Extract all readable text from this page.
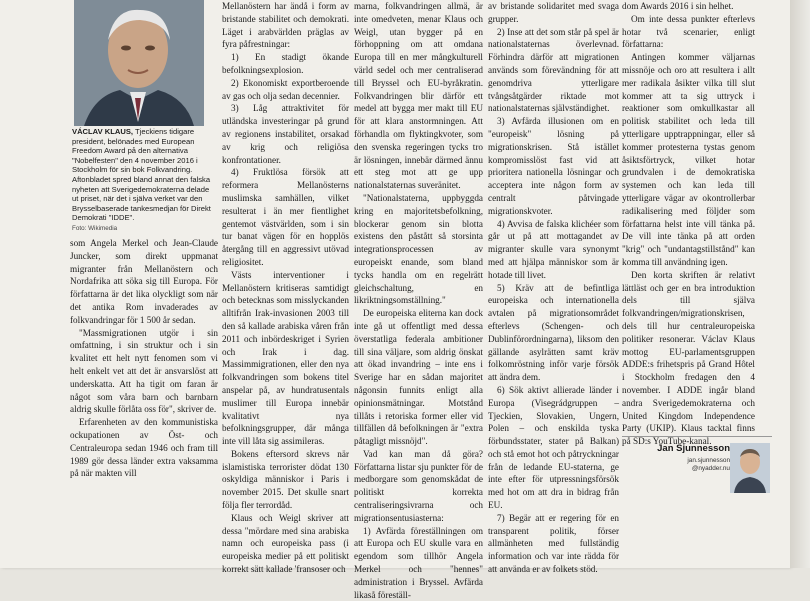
VÁCLAV KLAUS, Tjeckiens tidigare president, belönades med European Freedom Award på den alternativa "Nobelfesten" den 4 november 2016 i Stockholm för sin bok Folkvandring. Aftonbladet spred bland annat den falska nyheten att Sverigedemokraterna delade ut priset, när det i själva verket var den Brysselbaserade tankesmedjan för Direkt Demokrati "IDDE".
Foto: Wikimedia

som Angela Merkel och Jean-Claude Juncker, som direkt uppmanat migranter från Mellanöstern och Nordafrika att söka sig till Europa. För författarna är det lika olyckligt som när det antika Rom invaderades av folkvandringar för 1 500 år sedan.

"Massmigrationen utgör i sin omfattning, i sin struktur och i sin kvalitet ett helt nytt fenomen som vi helt enkelt vet att det är ansvarslöst att underskatta. Att ha tigit om faran är något som våra barn och barnbarn aldrig skulle förlåta oss för", skriver de.

Erfarenheten av den kommunistiska ockupationen av Öst- och Centraleuropa sedan 1946 och fram till 1989 gör dessa länder extra vaksamma på när makten vill

Mellanöstern har ändå i form av bristande stabilitet och demokrati. Läget i arabvärlden präglas av fyra påfrestningar:

1) En stadigt ökande befolkningsexplosion.

2) Ekonomiskt exportberoende av gas och olja sedan decennier.

3) Låg attraktivitet för utländska investeringar på grund av regionens instabilitet, orsakad av krig och religiösa konfrontationer.

4) Fruktlösa försök att reformera Mellanösterns muslimska samhällen, vilket resulterat i än mer fientlighet gentemot västvärlden, som i sin tur banat vägen för en hopplös återgång till en aggressivt utövad religiositet.

Västs interventioner i Mellanöstern kritiseras samtidigt och betecknas som misslyckanden alltifrån Irak-invasionen 2003 till den så kallade arabiska våren från 2011 och inbördeskriget i Syrien och Irak i dag. Massimmigrationen, eller den nya folkvandringen som bokens titel anspelar på, av hundratusentals muslimer till Europa innebär kvalitativt nya befolkningsgrupper, där många inte vill låta sig assimileras.

Bokens eftersord skrevs när islamistiska terrorister dödat 130 oskyldiga människor i Paris i november 2015. Det skulle snart följa fler terrordåd.

Klaus och Weigl skriver att dessa "mördare med sina arabiska namn och europeiska pass (i europeiska medier på ett politiskt korrekt sätt kallade 'fransoser och

marna, folkvandringen allmä, är inte omedveten, menar Klaus och Weigl, utan bygger på en förhoppning om att omdana Europa till en mer mångkulturell värld sedel och mer centraliserad till Bryssel och EU-byråkratin. Folkvandringen blir därför ett medel att bygga mer makt till EU för att klara anstormningen. Att förhandla om flyktingkvoter, som den svenska regeringen tycks tro är lösningen, innebär därmed ännu ett steg mot att ge upp nationalstaternas suveränitet.

"Nationalstaterna, uppbyggda kring en majoritetsbefolkning, blockerar genom sin blotta existens den påstått så storsinta integrationsprocessen av europeiskt enande, som bland tycks handla om en regelrätt gleichschaltung, en likriktningsomställning."

De europeiska eliterna kan dock inte gå ut offentligt med dessa överstatliga federala ambitioner till sina väljare, som aldrig önskat att ökad invandring – inte ens i Sverige har en sådan majoritet någonsin funnits enligt alla opinionsmätningar. Motstånd tillåts i retoriska former eller vid tillfällen då befolkningen är "extra påtagligt missnöjd".

Vad kan man då göra? Författarna listar sju punkter för de medborgare som genomskådat de politiskt korrekta centraliseringsivrarna och migrationsentusiasterna:

1) Avfärda föreställningen om att Europa och EU skulle vara en egendom som tillhör Angela Merkel och "hennes" administration i Bryssel. Avfärda likaså föreställ-

av bristande solidaritet med svaga grupper.

2) Inse att det som står på spel är nationalstaternas överlevnad. Förhindra därför att migrationen används som förevändning för att genomdriva ytterligare tvångsåtgärder riktade mot nationalstaternas självständighet.

3) Avfärda illusionen om en "europeisk" lösning på migrationskrisen. Stå istället kompromisslöst fast vid att prioritera nationella lösningar och acceptera inte någon form av centralt påtvingade migrationskvoter.

4) Avvisa de falska klichéer som går ut på att mottagandet av migranter skulle vara synonymt med att hjälpa människor som är hotade till livet.

5) Kräv att de befintliga europeiska och internationella avtalen på migrationsområdet efterlevs (Schengen- och Dublinförordningarna), liksom den gällande asylrätten samt kräv folkomröstning inför varje försök att ändra dem.

6) Sök aktivt allierade länder i Europa (Visegrádgruppen – Tjeckien, Slovakien, Ungern, Polen – och enskilda tyska förbundsstater, stater på Balkan) och stå emot hot och påtryckningar från de ledande EU-staterna, ge inte efter för utpressningsförsök med hot om att dra in bidrag från EU.

7) Begär att er regering för en transparent politik, förser allmänheten med fullständig information och var inte rädda för att använda er av folkets stöd.

dom Awards 2016 i sin helhet.

Om inte dessa punkter efterlevs hotar två scenarier, enligt författarna:

Antingen kommer väljarnas missnöje och oro att resultera i allt mer radikala åsikter vilka till slut kommer att ta sig uttryck i reaktioner som omkullkastar all politisk stabilitet och leda till ytterligare upptrappningar, eller så kommer protesterna tystas genom åsiktsförtryck, vilket hotar grundvalen i de demokratiska systemen och kan leda till ytterligare vägar av okontrollerbar radikalisering med följder som författarna helst inte vill tänka på. De vill inte tänka på att orden "krig" och "undantagstillstånd" kan komma till användning igen.

Den korta skriften är relativt lättläst och ger en bra introduktion dels till själva folkvandringen/migrationskrisen, dels till hur centraleuropeiska politiker resonerar. Václav Klaus mottog EU-parlamentsgruppen ADDE:s frihetspris på Grand Hôtel i Stockholm fredagen den 4 november. I ADDE ingår bland andra Sverigedemokraterna och United Kingdom Independence Party (UKIP). Klaus tacktal finns på SD:s YouTube-kanal.

Jan Sjunnesson
jan.sjunnesson
@nyadder.nu
